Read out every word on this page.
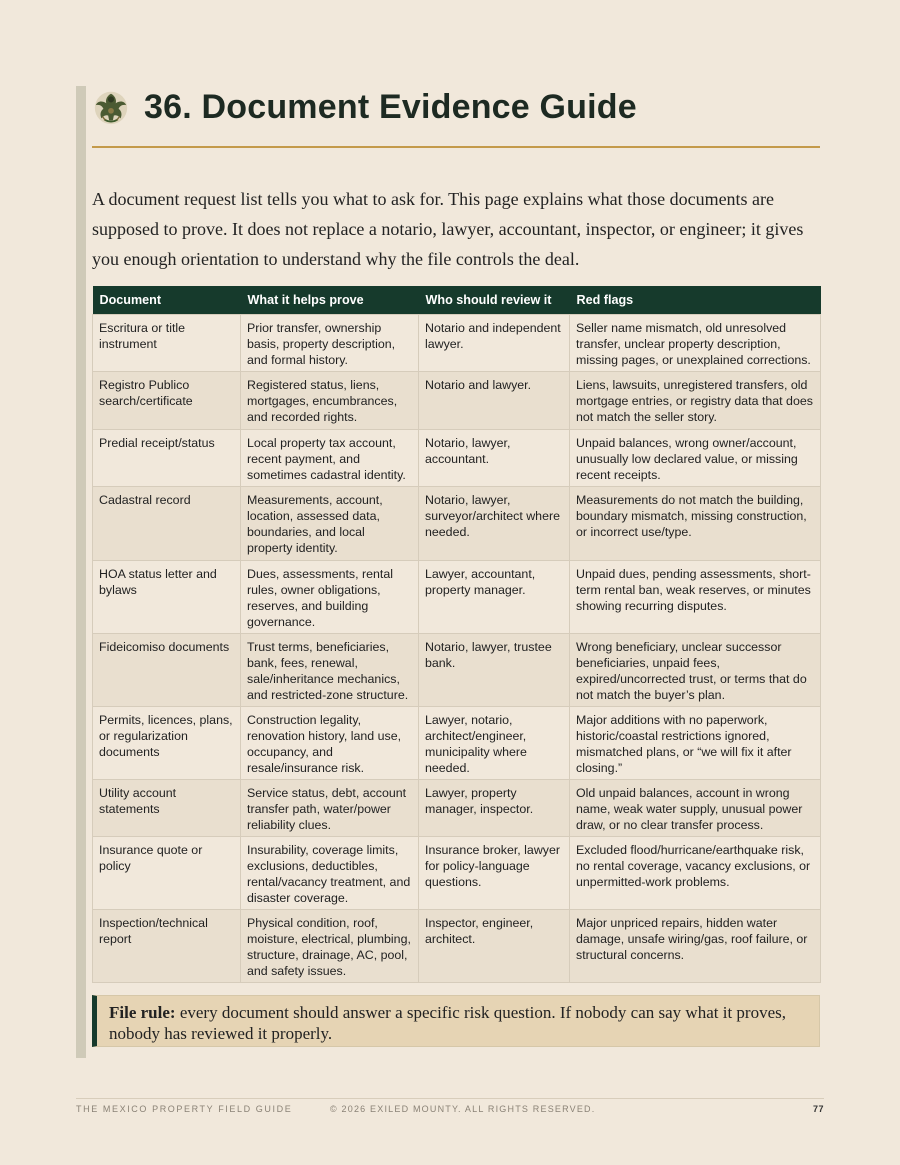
36. Document Evidence Guide

A document request list tells you what to ask for. This page explains what those documents are supposed to prove. It does not replace a notario, lawyer, accountant, inspector, or engineer; it gives you enough orientation to understand why the file controls the deal.

Document	What it helps prove	Who should review it	Red flags
Escritura or title instrument	Prior transfer, ownership basis, property description, and formal history.	Notario and independent lawyer.	Seller name mismatch, old unresolved transfer, unclear property description, missing pages, or unexplained corrections.
Registro Publico search/certificate	Registered status, liens, mortgages, encumbrances, and recorded rights.	Notario and lawyer.	Liens, lawsuits, unregistered transfers, old mortgage entries, or registry data that does not match the seller story.
Predial receipt/status	Local property tax account, recent payment, and sometimes cadastral identity.	Notario, lawyer, accountant.	Unpaid balances, wrong owner/account, unusually low declared value, or missing recent receipts.
Cadastral record	Measurements, account, location, assessed data, boundaries, and local property identity.	Notario, lawyer, surveyor/architect where needed.	Measurements do not match the building, boundary mismatch, missing construction, or incorrect use/type.
HOA status letter and bylaws	Dues, assessments, rental rules, owner obligations, reserves, and building governance.	Lawyer, accountant, property manager.	Unpaid dues, pending assessments, short-term rental ban, weak reserves, or minutes showing recurring disputes.
Fideicomiso documents	Trust terms, beneficiaries, bank, fees, renewal, sale/inheritance mechanics, and restricted-zone structure.	Notario, lawyer, trustee bank.	Wrong beneficiary, unclear successor beneficiaries, unpaid fees, expired/uncorrected trust, or terms that do not match the buyer’s plan.
Permits, licences, plans, or regularization documents	Construction legality, renovation history, land use, occupancy, and resale/insurance risk.	Lawyer, notario, architect/engineer, municipality where needed.	Major additions with no paperwork, historic/coastal restrictions ignored, mismatched plans, or “we will fix it after closing.”
Utility account statements	Service status, debt, account transfer path, water/power reliability clues.	Lawyer, property manager, inspector.	Old unpaid balances, account in wrong name, weak water supply, unusual power draw, or no clear transfer process.
Insurance quote or policy	Insurability, coverage limits, exclusions, deductibles, rental/vacancy treatment, and disaster coverage.	Insurance broker, lawyer for policy-language questions.	Excluded flood/hurricane/earthquake risk, no rental coverage, vacancy exclusions, or unpermitted-work problems.
Inspection/technical report	Physical condition, roof, moisture, electrical, plumbing, structure, drainage, AC, pool, and safety issues.	Inspector, engineer, architect.	Major unpriced repairs, hidden water damage, unsafe wiring/gas, roof failure, or structural concerns.
File rule: every document should answer a specific risk question. If nobody can say what it proves, nobody has reviewed it properly.
THE MEXICO PROPERTY FIELD GUIDE	© 2026 EXILED MOUNTY. ALL RIGHTS RESERVED.	77
